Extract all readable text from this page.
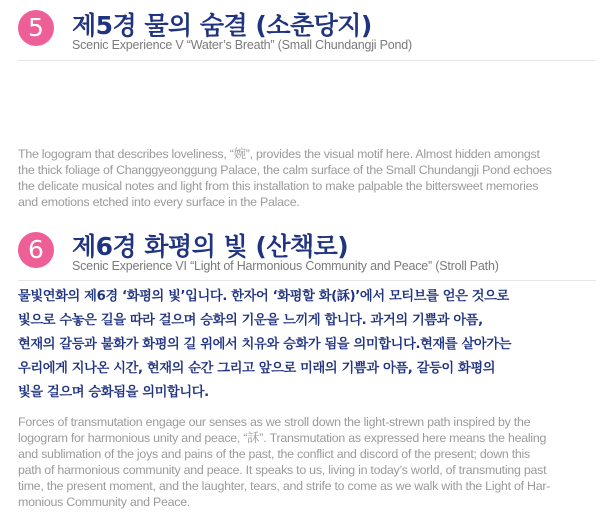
5	제5경 물의 숨결 (소춘당지)
Scenic Experience V “Water’s Breath” (Small Chundangji Pond)

The logogram that describes loveliness, “婉”, provides the visual motif here. Almost hidden amongst
the thick foliage of Changgyeonggung Palace, the calm surface of the Small Chundangji Pond echoes
the delicate musical notes and light from this installation to make palpable the bittersweet memories
and emotions etched into every surface in the Palace.

6	제6경 화평의 빛 (산책로)
Scenic Experience VI “Light of Harmonious Community and Peace” (Stroll Path)

물빛연화의 제6경 ‘화평의 빛’입니다. 한자어 ‘화평할 화(訸)’에서 모티브를 얻은 것으로
빛으로 수놓은 길을 따라 걸으며 승화의 기운을 느끼게 합니다. 과거의 기쁨과 아픔,
현재의 갈등과 불화가 화평의 길 위에서 치유와 승화가 됨을 의미합니다.현재를 살아가는
우리에게 지나온 시간, 현재의 순간 그리고 앞으로 미래의 기쁨과 아픔, 갈등이 화평의
빛을 걸으며 승화됨을 의미합니다.

Forces of transmutation engage our senses as we stroll down the light-strewn path inspired by the
logogram for harmonious unity and peace, “訸”. Transmutation as expressed here means the healing
and sublimation of the joys and pains of the past, the conflict and discord of the present; down this
path of harmonious community and peace. It speaks to us, living in today’s world, of transmuting past
time, the present moment, and the laughter, tears, and strife to come as we walk with the Light of Har-
monious Community and Peace.
